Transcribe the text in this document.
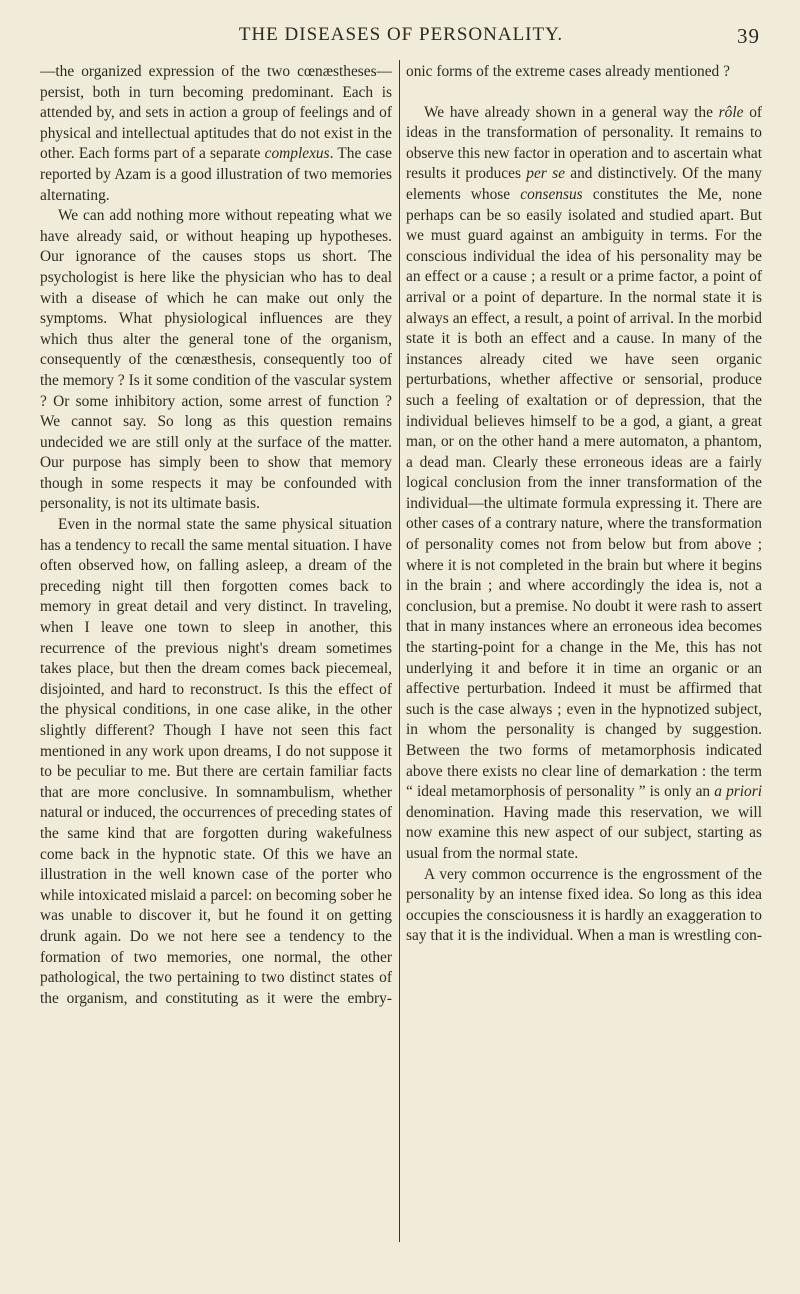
THE DISEASES OF PERSONALITY.	39

—the organized expression of the two cœnæstheses—persist, both in turn becoming predominant. Each is attended by, and sets in action a group of feelings and of physical and intellectual aptitudes that do not exist in the other. Each forms part of a separate complexus. The case reported by Azam is a good illustration of two memories alternating.

We can add nothing more without repeating what we have already said, or without heaping up hypotheses. Our ignorance of the causes stops us short. The psychologist is here like the physician who has to deal with a disease of which he can make out only the symptoms. What physiological influences are they which thus alter the general tone of the organism, consequently of the cœnæsthesis, consequently too of the memory ? Is it some condition of the vascular system ? Or some inhibitory action, some arrest of function ? We cannot say. So long as this question remains undecided we are still only at the surface of the matter. Our purpose has simply been to show that memory though in some respects it may be confounded with personality, is not its ultimate basis.

Even in the normal state the same physical situation has a tendency to recall the same mental situation. I have often observed how, on falling asleep, a dream of the preceding night till then forgotten comes back to memory in great detail and very distinct. In traveling, when I leave one town to sleep in another, this recurrence of the previous night's dream sometimes takes place, but then the dream comes back piecemeal, disjointed, and hard to reconstruct. Is this the effect of the physical conditions, in one case alike, in the other slightly different? Though I have not seen this fact mentioned in any work upon dreams, I do not suppose it to be peculiar to me. But there are certain familiar facts that are more conclusive. In somnambulism, whether natural or induced, the occurrences of preceding states of the same kind that are forgotten during wakefulness come back in the hypnotic state. Of this we have an illustration in the well known case of the porter who while intoxicated mislaid a parcel: on becoming sober he was unable to discover it, but he found it on getting drunk again. Do we not here see a tendency to the formation of two memories, one normal, the other pathological, the two pertaining to two distinct states of the organism, and constituting as it were the embry-

onic forms of the extreme cases already mentioned ?

We have already shown in a general way the rôle of ideas in the transformation of personality. It remains to observe this new factor in operation and to ascertain what results it produces per se and distinctively. Of the many elements whose consensus constitutes the Me, none perhaps can be so easily isolated and studied apart. But we must guard against an ambiguity in terms. For the conscious individual the idea of his personality may be an effect or a cause ; a result or a prime factor, a point of arrival or a point of departure. In the normal state it is always an effect, a result, a point of arrival. In the morbid state it is both an effect and a cause. In many of the instances already cited we have seen organic perturbations, whether affective or sensorial, produce such a feeling of exaltation or of depression, that the individual believes himself to be a god, a giant, a great man, or on the other hand a mere automaton, a phantom, a dead man. Clearly these erroneous ideas are a fairly logical conclusion from the inner transformation of the individual—the ultimate formula expressing it. There are other cases of a contrary nature, where the transformation of personality comes not from below but from above ; where it is not completed in the brain but where it begins in the brain ; and where accordingly the idea is, not a conclusion, but a premise. No doubt it were rash to assert that in many instances where an erroneous idea becomes the starting-point for a change in the Me, this has not underlying it and before it in time an organic or an affective perturbation. Indeed it must be affirmed that such is the case always ; even in the hypnotized subject, in whom the personality is changed by suggestion. Between the two forms of metamorphosis indicated above there exists no clear line of demarkation : the term “ ideal metamorphosis of personality ” is only an a priori denomination. Having made this reservation, we will now examine this new aspect of our subject, starting as usual from the normal state.

A very common occurrence is the engrossment of the personality by an intense fixed idea. So long as this idea occupies the consciousness it is hardly an exaggeration to say that it is the individual. When a man is wrestling con-
